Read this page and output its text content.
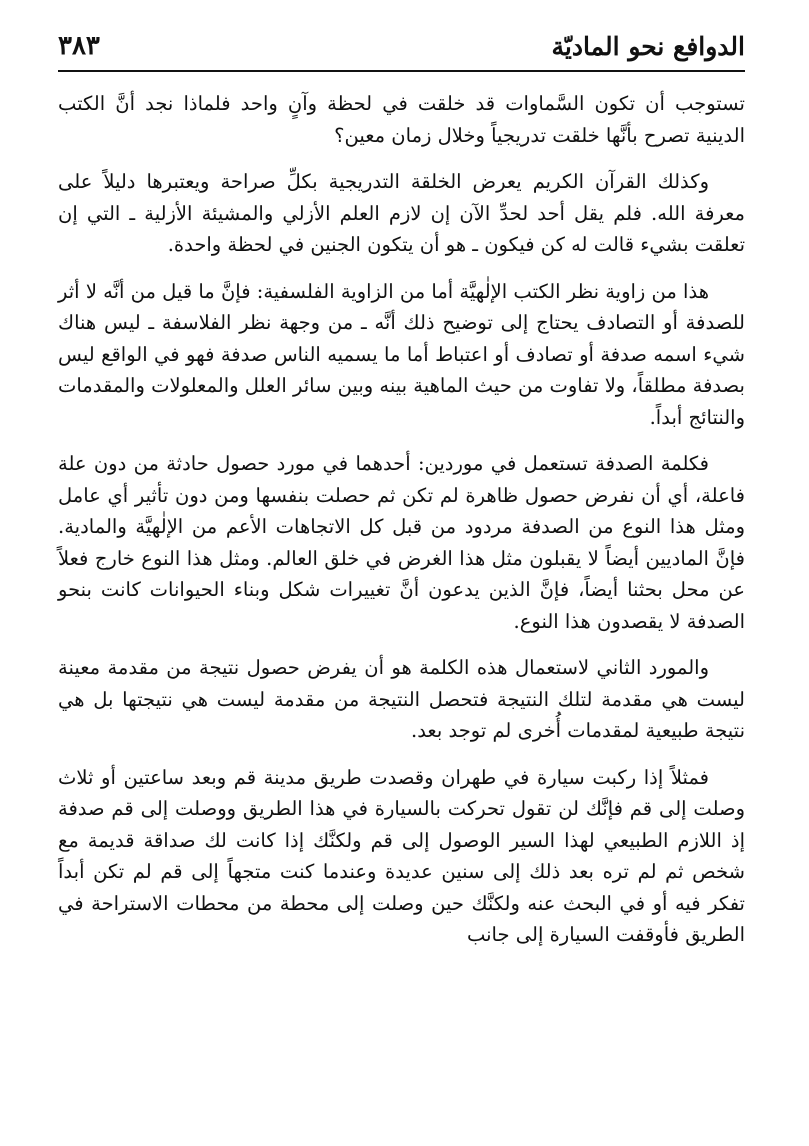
الدوافع نحو الماديّة
٣٨٣

تستوجب أن تكون السَّماوات قد خلقت في لحظة وآنٍ واحد فلماذا نجد أنَّ الكتب الدينية تصرح بأنَّها خلقت تدريجياً وخلال زمان معين؟

وكذلك القرآن الكريم يعرض الخلقة التدريجية بكلِّ صراحة ويعتبرها دليلاً على معرفة الله. فلم يقل أحد لحدِّ الآن إن لازم العلم الأزلي والمشيئة الأزلية ـ التي إن تعلقت بشيء قالت له كن فيكون ـ هو أن يتكون الجنين في لحظة واحدة.

هذا من زاوية نظر الكتب الإلٰهيَّة أما من الزاوية الفلسفية: فإنَّ ما قيل من أنَّه لا أثر للصدفة أو التصادف يحتاج إلى توضيح ذلك أنَّه ـ من وجهة نظر الفلاسفة ـ ليس هناك شيء اسمه صدفة أو تصادف أو اعتباط أما ما يسميه الناس صدفة فهو في الواقع ليس بصدفة مطلقاً، ولا تفاوت من حيث الماهية بينه وبين سائر العلل والمعلولات والمقدمات والنتائج أبداً.

فكلمة الصدفة تستعمل في موردين: أحدهما في مورد حصول حادثة من دون علة فاعلة، أي أن نفرض حصول ظاهرة لم تكن ثم حصلت بنفسها ومن دون تأثير أي عامل ومثل هذا النوع من الصدفة مردود من قبل كل الاتجاهات الأعم من الإلٰهيَّة والمادية. فإنَّ الماديين أيضاً لا يقبلون مثل هذا الغرض في خلق العالم. ومثل هذا النوع خارج فعلاً عن محل بحثنا أيضاً، فإنَّ الذين يدعون أنَّ تغييرات شكل وبناء الحيوانات كانت بنحو الصدفة لا يقصدون هذا النوع.

والمورد الثاني لاستعمال هذه الكلمة هو أن يفرض حصول نتيجة من مقدمة معينة ليست هي مقدمة لتلك النتيجة فتحصل النتيجة من مقدمة ليست هي نتيجتها بل هي نتيجة طبيعية لمقدمات أُخرى لم توجد بعد.

فمثلاً إذا ركبت سيارة في طهران وقصدت طريق مدينة قم وبعد ساعتين أو ثلاث وصلت إلى قم فإنَّك لن تقول تحركت بالسيارة في هذا الطريق ووصلت إلى قم صدفة إذ اللازم الطبيعي لهذا السير الوصول إلى قم ولكنَّك إذا كانت لك صداقة قديمة مع شخص ثم لم تره بعد ذلك إلى سنين عديدة وعندما كنت متجهاً إلى قم لم تكن أبداً تفكر فيه أو في البحث عنه ولكنَّك حين وصلت إلى محطة من محطات الاستراحة في الطريق فأوقفت السيارة إلى جانب
